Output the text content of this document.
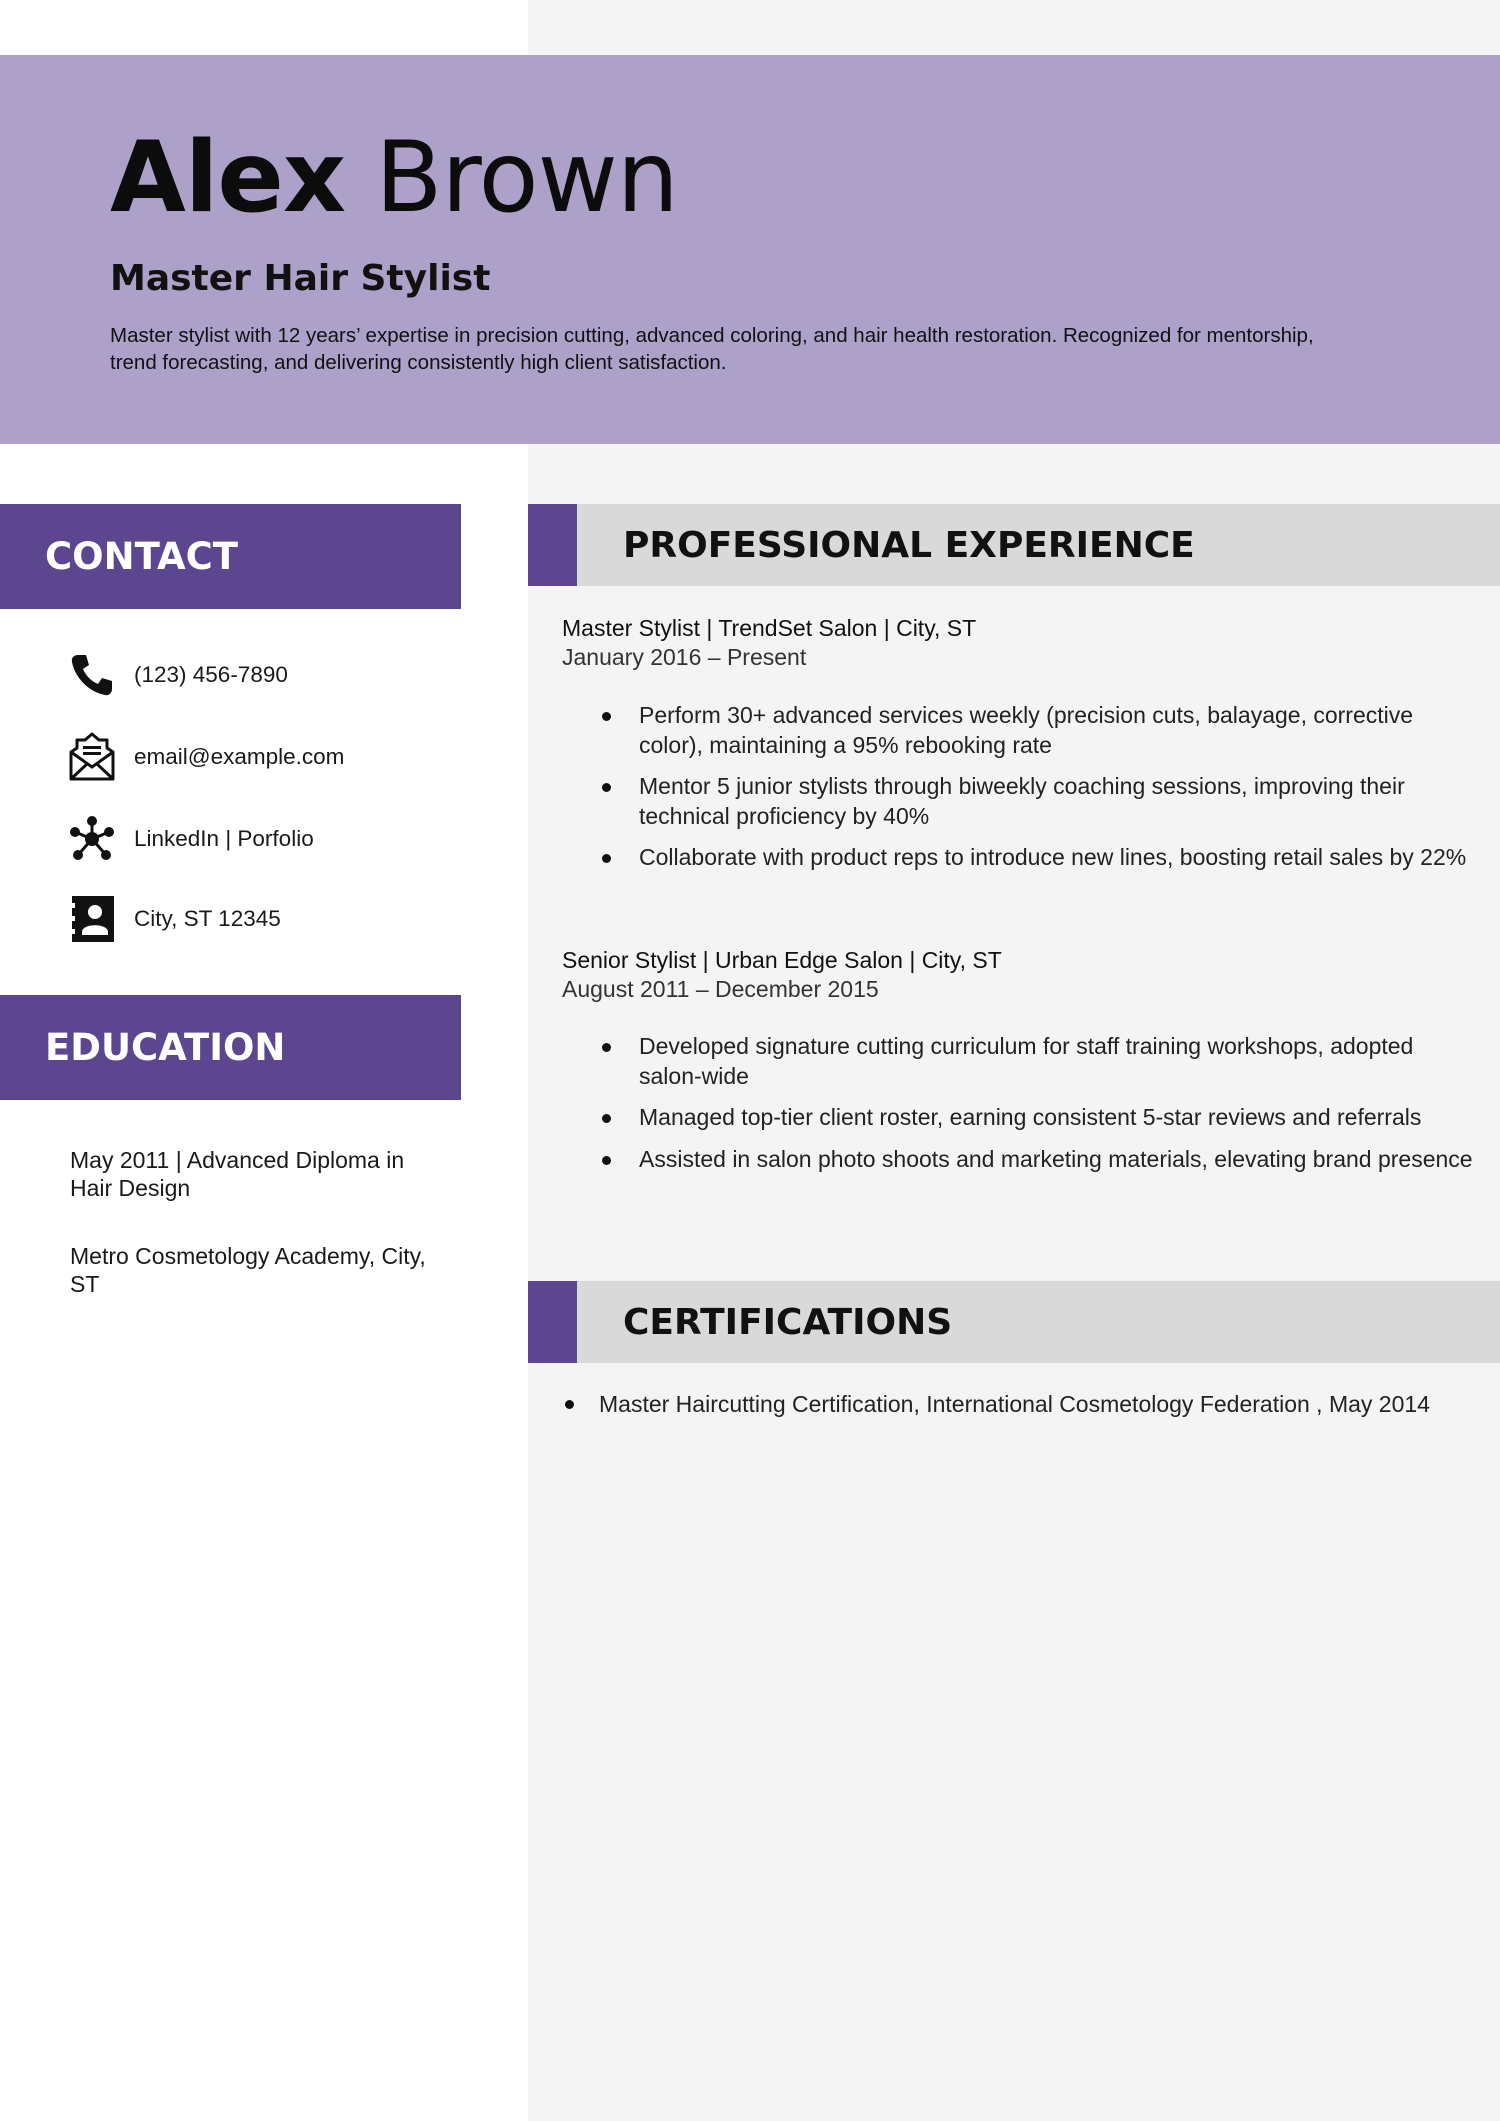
Alex Brown
Master Hair Stylist
Master stylist with 12 years’ expertise in precision cutting, advanced coloring, and hair health restoration. Recognized for mentorship, trend forecasting, and delivering consistently high client satisfaction.
CONTACT
(123) 456-7890
email@example.com
LinkedIn | Porfolio
City, ST 12345
EDUCATION
May 2011 | Advanced Diploma in Hair Design
Metro Cosmetology Academy, City, ST
PROFESSIONAL EXPERIENCE
Master Stylist | TrendSet Salon | City, ST
January 2016 – Present
Perform 30+ advanced services weekly (precision cuts, balayage, corrective color), maintaining a 95% rebooking rate
Mentor 5 junior stylists through biweekly coaching sessions, improving their technical proficiency by 40%
Collaborate with product reps to introduce new lines, boosting retail sales by 22%
Senior Stylist | Urban Edge Salon | City, ST
August 2011 – December 2015
Developed signature cutting curriculum for staff training workshops, adopted salon-wide
Managed top-tier client roster, earning consistent 5-star reviews and referrals
Assisted in salon photo shoots and marketing materials, elevating brand presence
CERTIFICATIONS
Master Haircutting Certification, International Cosmetology Federation , May 2014
